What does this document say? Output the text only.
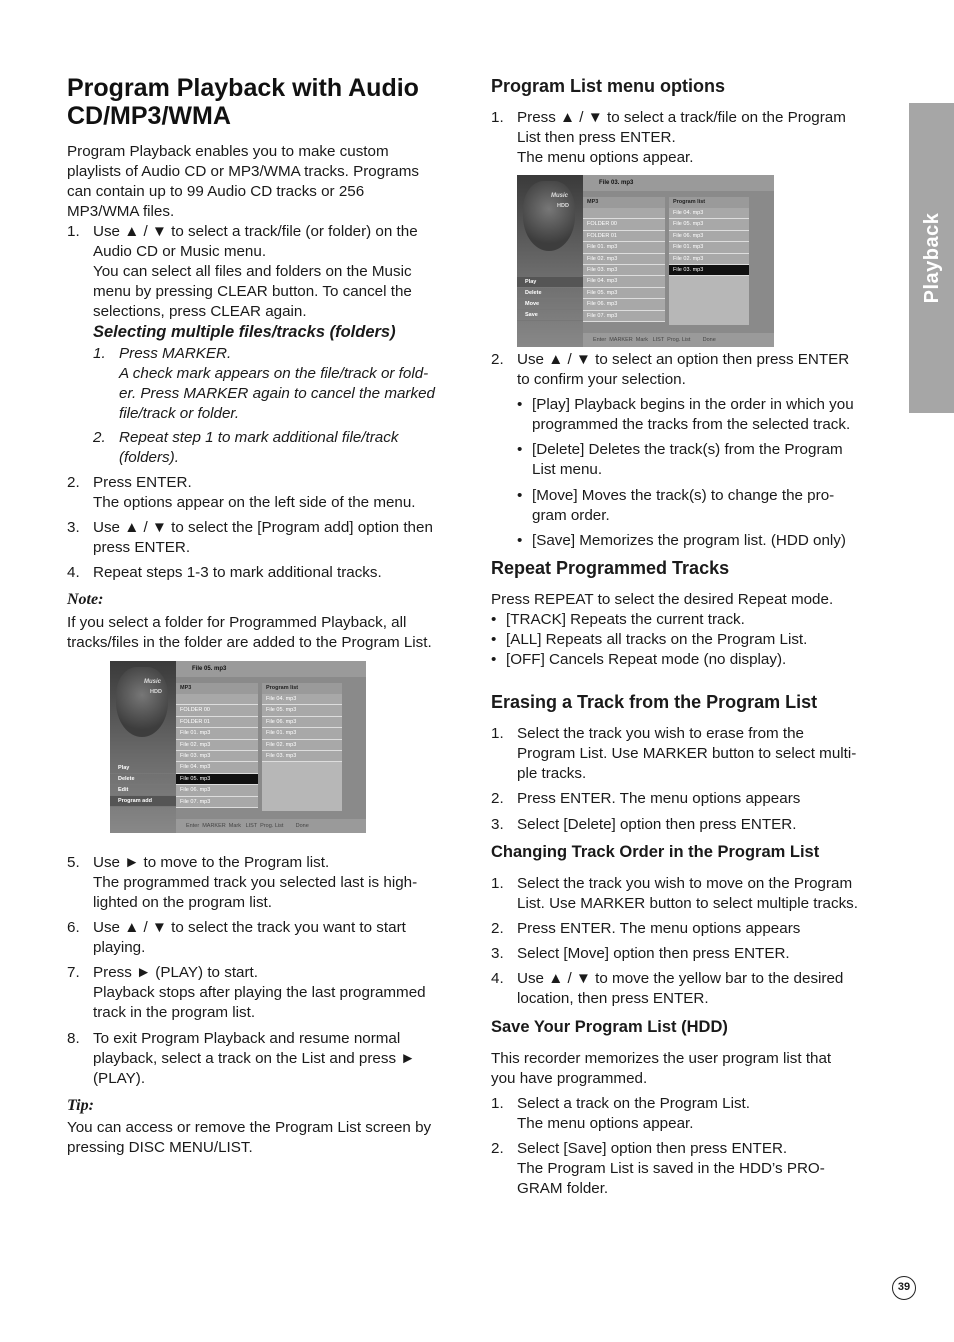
Playback
Program Playback with Audio CD/MP3/WMA
Program Playback enables you to make custom
playlists of Audio CD or MP3/WMA tracks. Programs
can contain up to 99 Audio CD tracks or 256
MP3/WMA files.
1. Use ▲ / ▼ to select a track/file (or folder) on the
Audio CD or Music menu.
You can select all files and folders on the Music
menu by pressing CLEAR button. To cancel the
selections, press CLEAR again.
Selecting multiple files/tracks (folders)
1. Press MARKER.
A check mark appears on the file/track or fold-
er. Press MARKER again to cancel the marked
file/track or folder.
2. Repeat step 1 to mark additional file/track
(folders).
2. Press ENTER.
The options appear on the left side of the menu.
3. Use ▲ / ▼ to select the [Program add] option then
press ENTER.
4. Repeat steps 1-3 to mark additional tracks.
Note:
If you select a folder for Programmed Playback, all
tracks/files in the folder are added to the Program List.
Music
HDD
Play
Delete
Edit
Program add
File 05. mp3
MP3

FOLDER 00
FOLDER 01
File 01. mp3
File 02. mp3
File 03. mp3
File 04. mp3
File 05. mp3
File 06. mp3
File 07. mp3
Program list
File 04. mp3
File 05. mp3
File 06. mp3
File 01. mp3
File 02. mp3
File 03. mp3
Enter  MARKER  Mark   LIST  Prog. List        Done
5. Use ► to move to the Program list.
The programmed track you selected last is high-
lighted on the program list.
6. Use ▲ / ▼ to select the track you want to start
playing.
7. Press ► (PLAY) to start.
Playback stops after playing the last programmed
track in the program list.
8. To exit Program Playback and resume normal
playback, select a track on the List and press ►
(PLAY).
Tip:
You can access or remove the Program List screen by
pressing DISC MENU/LIST.
Program List menu options
1. Press ▲ / ▼ to select a track/file on the Program
List then press ENTER.
The menu options appear.
Music
HDD
Play
Delete
Move
Save
File 03. mp3
MP3

FOLDER 00
FOLDER 01
File 01. mp3
File 02. mp3
File 03. mp3
File 04. mp3
File 05. mp3
File 06. mp3
File 07. mp3
Program list
File 04. mp3
File 05. mp3
File 06. mp3
File 01. mp3
File 02. mp3
File 03. mp3
Enter  MARKER  Mark   LIST  Prog. List        Done
2. Use ▲ / ▼ to select an option then press ENTER
to confirm your selection.
• [Play] Playback begins in the order in which you
programmed the tracks from the selected track.
• [Delete] Deletes the track(s) from the Program
List menu.
• [Move] Moves the track(s) to change the pro-
gram order.
• [Save] Memorizes the program list. (HDD only)
Repeat Programmed Tracks
Press REPEAT to select the desired Repeat mode.
• [TRACK] Repeats the current track.
• [ALL] Repeats all tracks on the Program List.
• [OFF] Cancels Repeat mode (no display).
Erasing a Track from the Program List
1. Select the track you wish to erase from the
Program List. Use MARKER button to select multi-
ple tracks.
2. Press ENTER. The menu options appears
3. Select [Delete] option then press ENTER.
Changing Track Order in the Program List
1. Select the track you wish to move on the Program
List. Use MARKER button to select multiple tracks.
2. Press ENTER. The menu options appears
3. Select [Move] option then press ENTER.
4. Use ▲ / ▼ to move the yellow bar to the desired
location, then press ENTER.
Save Your Program List (HDD)
This recorder memorizes the user program list that
you have programmed.
1. Select a track on the Program List.
The menu options appear.
2. Select [Save] option then press ENTER.
The Program List is saved in the HDD’s PRO-
GRAM folder.
39
